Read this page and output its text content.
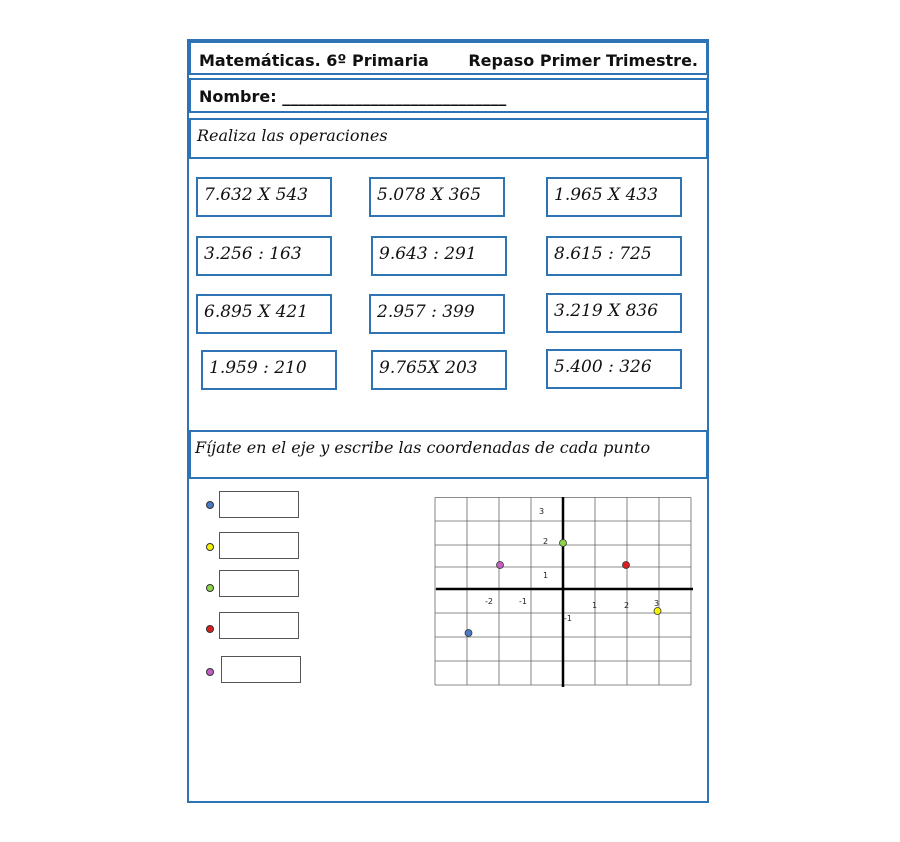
Matemáticas. 6º Primaria Repaso Primer Trimestre.
Nombre: ____________________________
Realiza las operaciones
7.632 X 543	5.078 X 365	1.965 X 433
3.256 : 163	9.643 : 291	8.615 : 725
6.895 X 421	2.957 : 399	3.219 X 836
1.959 : 210	9.765X 203	5.400 : 326
Fíjate en el eje y escribe las coordenadas de cada punto
-2	-1	1	2	3
3
2
1
-1
